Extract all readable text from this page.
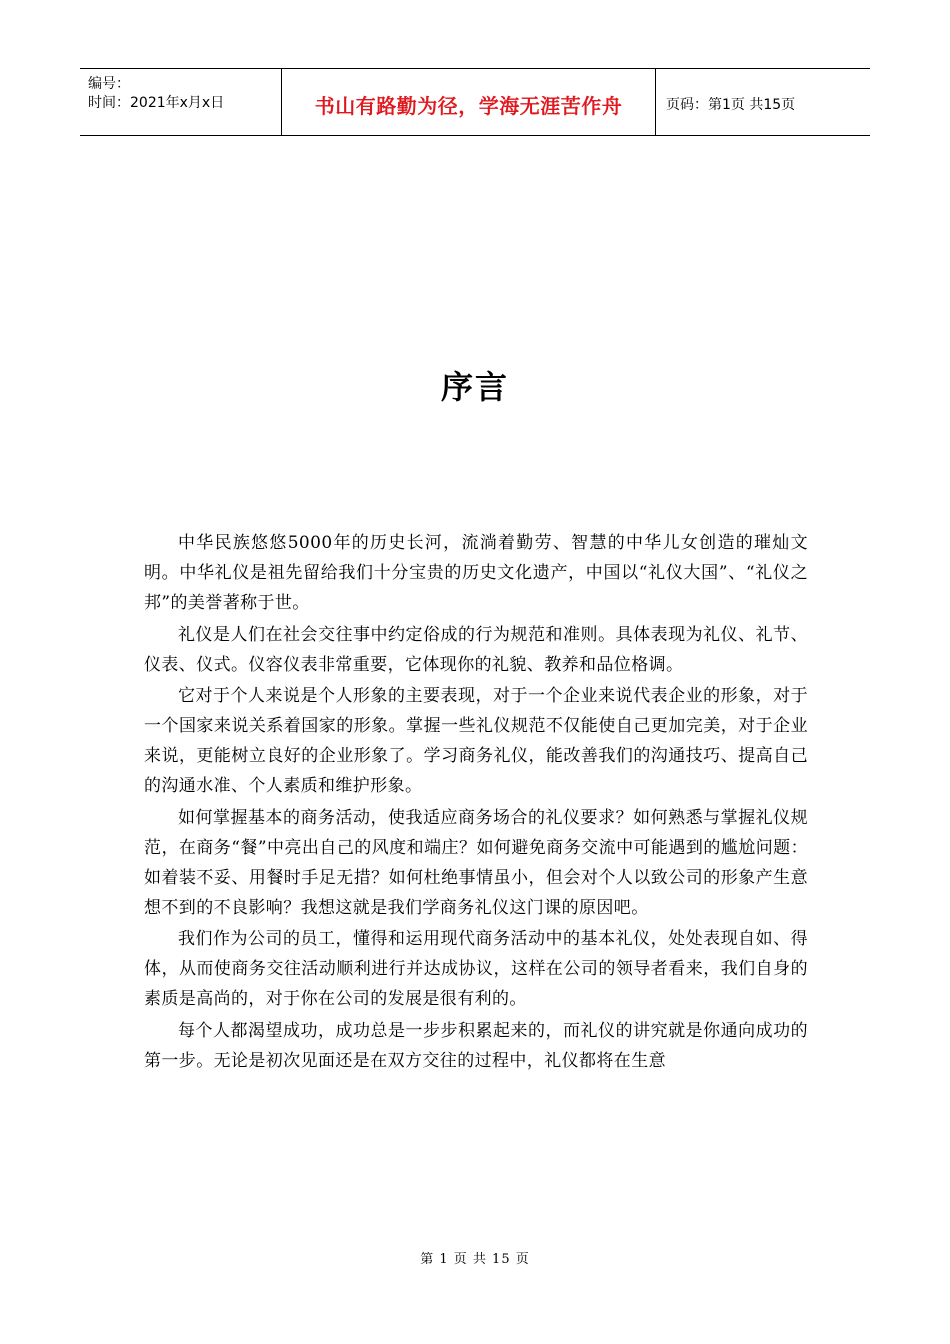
编号：
时间：2021年x月x日	书山有路勤为径，学海无涯苦作舟	页码：第1页 共15页
序言

中华民族悠悠5000年的历史长河，流淌着勤劳、智慧的中华儿女创造的璀灿文明。中华礼仪是祖先留给我们十分宝贵的历史文化遗产，中国以“礼仪大国”、“礼仪之邦”的美誉著称于世。

礼仪是人们在社会交往事中约定俗成的行为规范和准则。具体表现为礼仪、礼节、仪表、仪式。仪容仪表非常重要，它体现你的礼貌、教养和品位格调。

它对于个人来说是个人形象的主要表现，对于一个企业来说代表企业的形象，对于一个国家来说关系着国家的形象。掌握一些礼仪规范不仅能使自己更加完美，对于企业来说，更能树立良好的企业形象了。学习商务礼仪，能改善我们的沟通技巧、提高自己的沟通水准、个人素质和维护形象。

如何掌握基本的商务活动，使我适应商务场合的礼仪要求？如何熟悉与掌握礼仪规范，在商务“餐”中亮出自己的风度和端庄？如何避免商务交流中可能遇到的尴尬问题：如着装不妥、用餐时手足无措？如何杜绝事情虽小，但会对个人以致公司的形象产生意想不到的不良影响？我想这就是我们学商务礼仪这门课的原因吧。

我们作为公司的员工，懂得和运用现代商务活动中的基本礼仪，处处表现自如、得体，从而使商务交往活动顺利进行并达成协议，这样在公司的领导者看来，我们自身的素质是高尚的，对于你在公司的发展是很有利的。

每个人都渴望成功，成功总是一步步积累起来的，而礼仪的讲究就是你通向成功的第一步。无论是初次见面还是在双方交往的过程中，礼仪都将在生意

第 1 页 共 15 页
